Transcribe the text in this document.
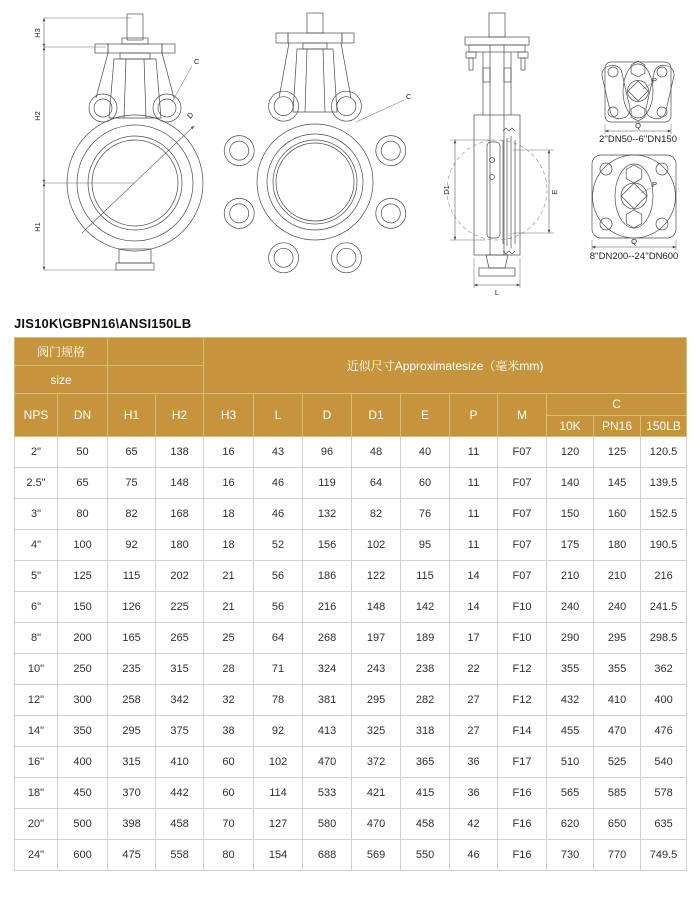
H3
H2
H1
D
C
C
D1	E
L
P
Q
2''DN50--6''DN150
P
Q
8''DN200--24''DN600
JIS10K\GBPN16\ANSI150LB
阀门规格				近似尺寸Approximatesize（毫米mm)									
size													
NPS	DN	H1	H2	H3	L	D	D1	E	P	M	C		
											10K	PN16	150LB
2"	50	65	138	16	43	96	48	40	11	F07	120	125	120.5
2.5"	65	75	148	16	46	119	64	60	11	F07	140	145	139.5
3"	80	82	168	18	46	132	82	76	11	F07	150	160	152.5
4"	100	92	180	18	52	156	102	95	11	F07	175	180	190.5
5"	125	115	202	21	56	186	122	115	14	F07	210	210	216
6"	150	126	225	21	56	216	148	142	14	F10	240	240	241.5
8"	200	165	265	25	64	268	197	189	17	F10	290	295	298.5
10"	250	235	315	28	71	324	243	238	22	F12	355	355	362
12"	300	258	342	32	78	381	295	282	27	F12	432	410	400
14"	350	295	375	38	92	413	325	318	27	F14	455	470	476
16"	400	315	410	60	102	470	372	365	36	F17	510	525	540
18"	450	370	442	60	114	533	421	415	36	F16	565	585	578
20"	500	398	458	70	127	580	470	458	42	F16	620	650	635
24"	600	475	558	80	154	688	569	550	46	F16	730	770	749.5
